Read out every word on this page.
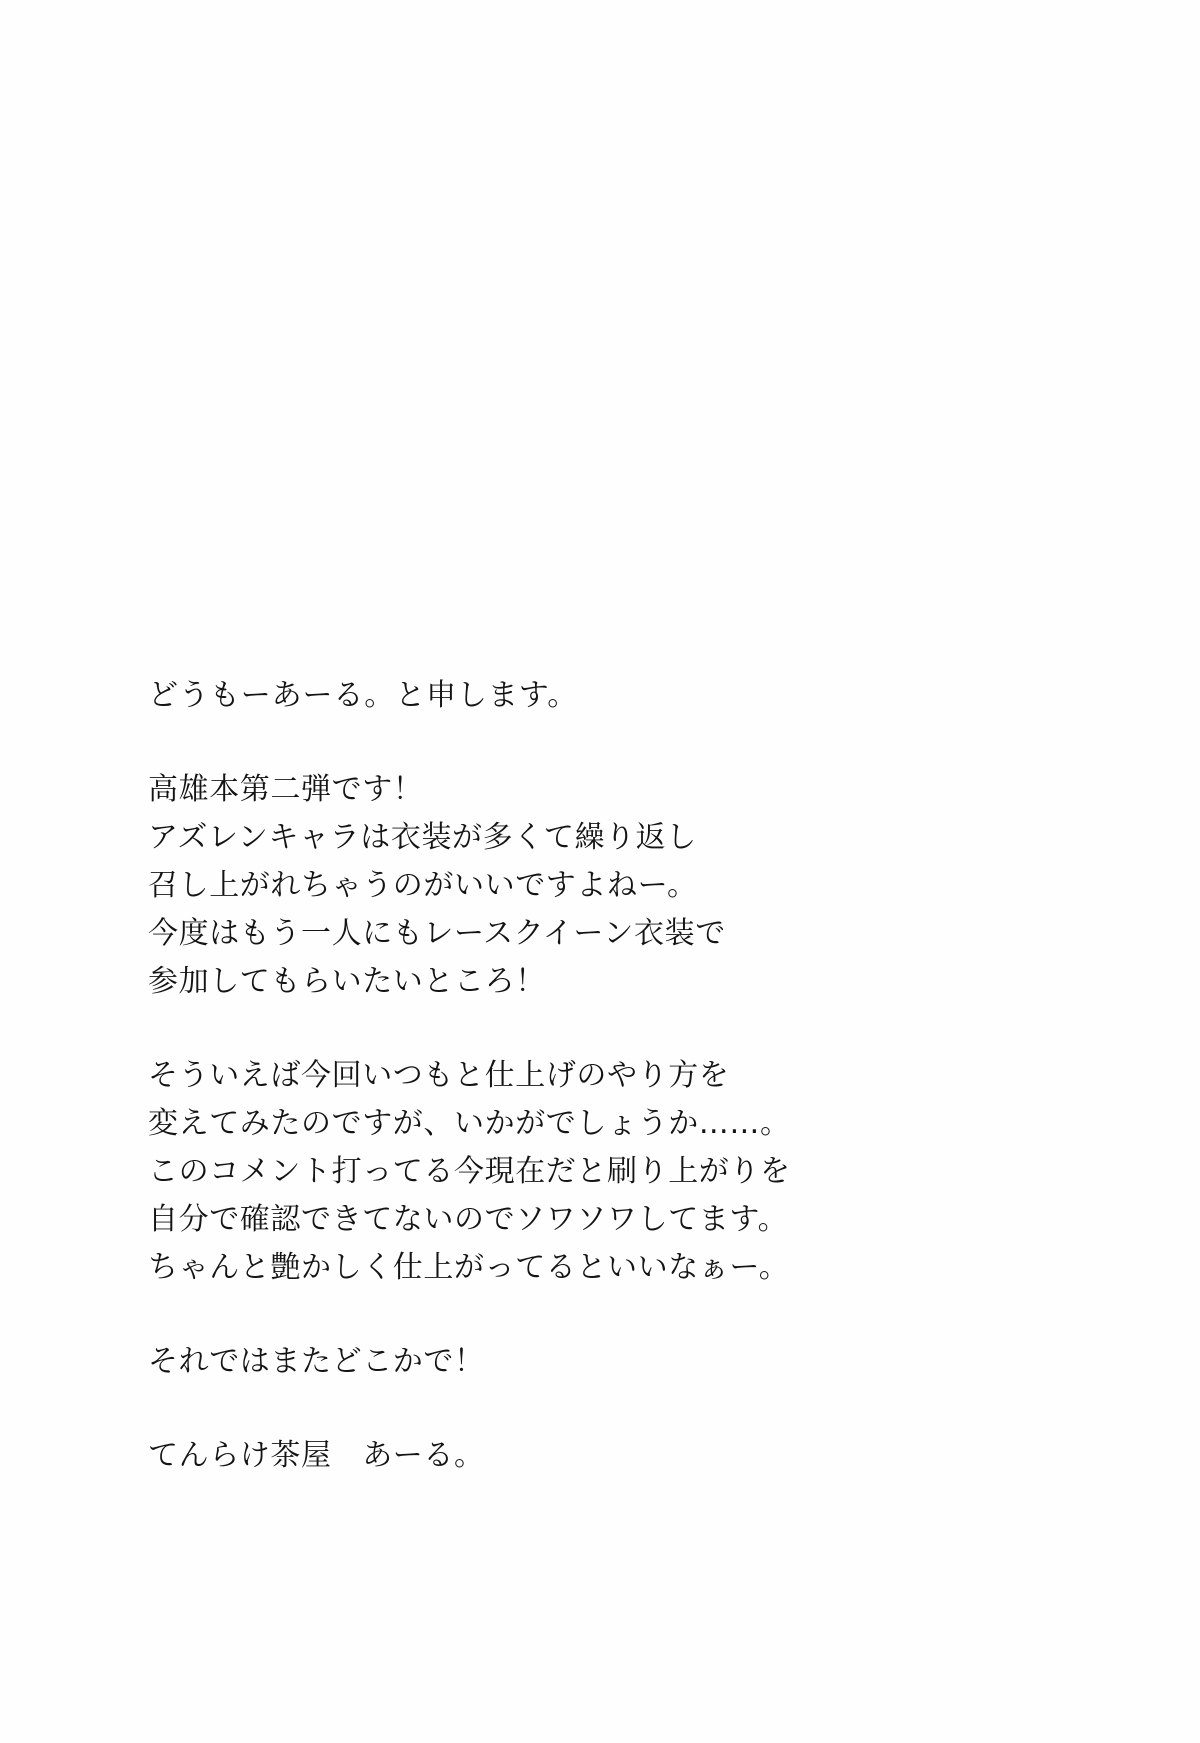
どうもーあーる。と申します。
高雄本第二弾です！
アズレンキャラは衣装が多くて繰り返し
召し上がれちゃうのがいいですよねー。
今度はもう一人にもレースクイーン衣装で
参加してもらいたいところ！
そういえば今回いつもと仕上げのやり方を
変えてみたのですが、いかがでしょうか……。
このコメント打ってる今現在だと刷り上がりを
自分で確認できてないのでソワソワしてます。
ちゃんと艶かしく仕上がってるといいなぁー。
それではまたどこかで！
てんらけ茶屋　あーる。
